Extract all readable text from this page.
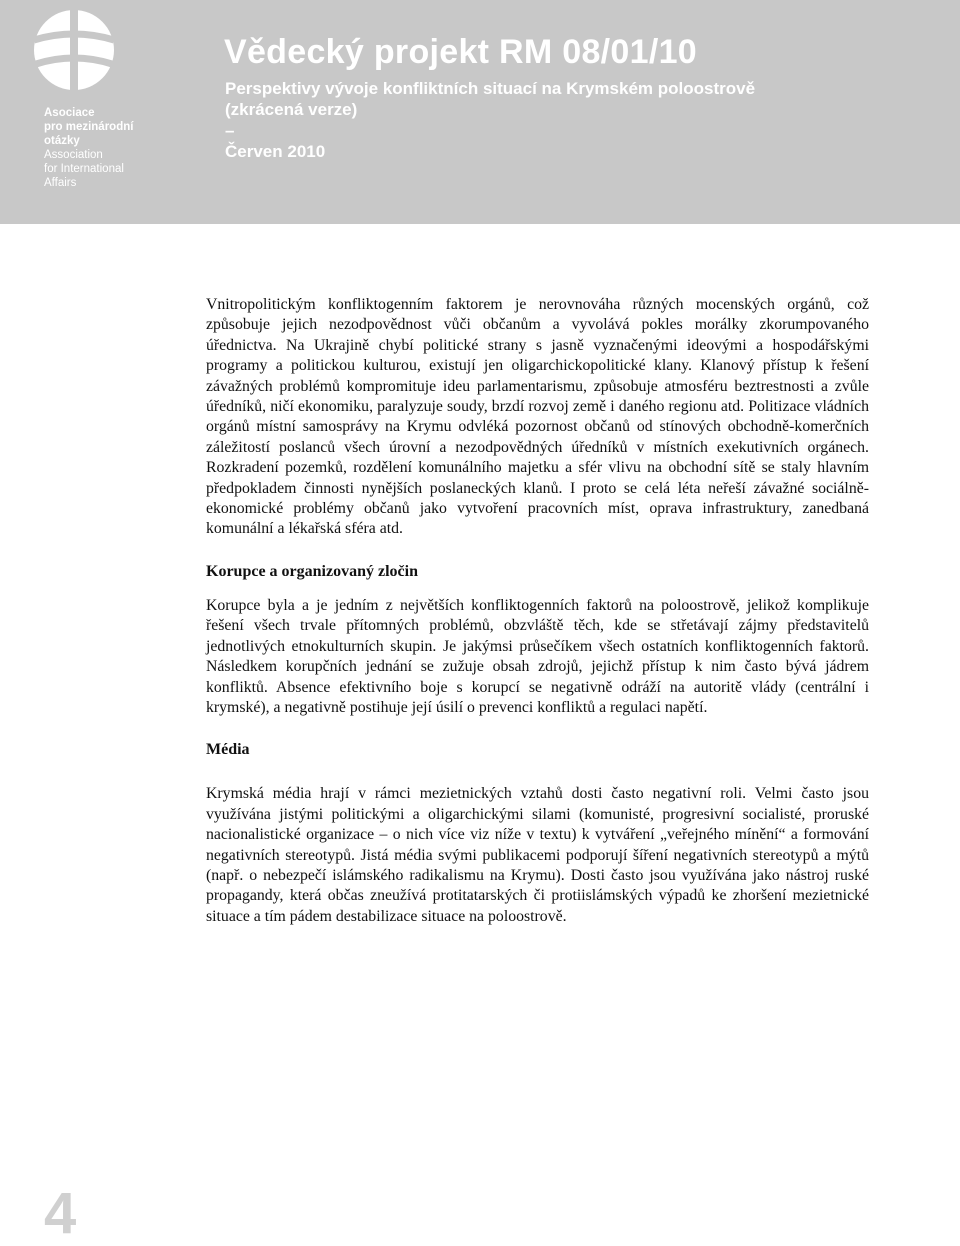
Asociace
pro mezinárodní
otázky
Association
for International
Affairs
Vědecký projekt RM 08/01/10
Perspektivy vývoje konfliktních situací na Krymském poloostrově
(zkrácená verze)
–
Červen 2010

Vnitropolitickým konfliktogenním faktorem je nerovnováha různých mocenských orgánů, což způsobuje jejich nezodpovědnost vůči občanům a vyvolává pokles morálky zkorumpovaného úřednictva. Na Ukrajině chybí politické strany s jasně vyznačenými ideovými a hospodářskými programy a politickou kulturou, existují jen oligarchickopolitické klany. Klanový přístup k řešení závažných problémů kompromituje ideu parlamentarismu, způsobuje atmosféru beztrestnosti a zvůle úředníků, ničí ekonomiku, paralyzuje soudy, brzdí rozvoj země i daného regionu atd. Politizace vládních orgánů místní samosprávy na Krymu odvléká pozornost občanů od stínových obchodně-komerčních záležitostí poslanců všech úrovní a nezodpovědných úředníků v místních exekutivních orgánech. Rozkradení pozemků, rozdělení komunálního majetku a sfér vlivu na obchodní sítě se staly hlavním předpokladem činnosti nynějších poslaneckých klanů. I proto se celá léta neřeší závažné sociálně-ekonomické problémy občanů jako vytvoření pracovních míst, oprava infrastruktury, zanedbaná komunální a lékařská sféra atd.

Korupce a organizovaný zločin

Korupce byla a je jedním z největších konfliktogenních faktorů na poloostrově, jelikož komplikuje řešení všech trvale přítomných problémů, obzvláště těch, kde se střetávají zájmy představitelů jednotlivých etnokulturních skupin. Je jakýmsi průsečíkem všech ostatních konfliktogenních faktorů. Následkem korupčních jednání se zužuje obsah zdrojů, jejichž přístup k nim často bývá jádrem konfliktů. Absence efektivního boje s korupcí se negativně odráží na autoritě vlády (centrální i krymské), a negativně postihuje její úsilí o prevenci konfliktů a regulaci napětí.

Média

Krymská média hrají v rámci mezietnických vztahů dosti často negativní roli. Velmi často jsou využívána jistými politickými a oligarchickými silami (komunisté, progresivní socialisté, proruské nacionalistické organizace – o nich více viz níže v textu) k vytváření „veřejného mínění“ a formování negativních stereotypů. Jistá média svými publikacemi podporují šíření negativních stereotypů a mýtů (např. o nebezpečí islámského radikalismu na Krymu). Dosti často jsou využívána jako nástroj ruské propagandy, která občas zneužívá protitatarských či protiislámských výpadů ke zhoršení mezietnické situace a tím pádem destabilizace situace na poloostrově.

4
